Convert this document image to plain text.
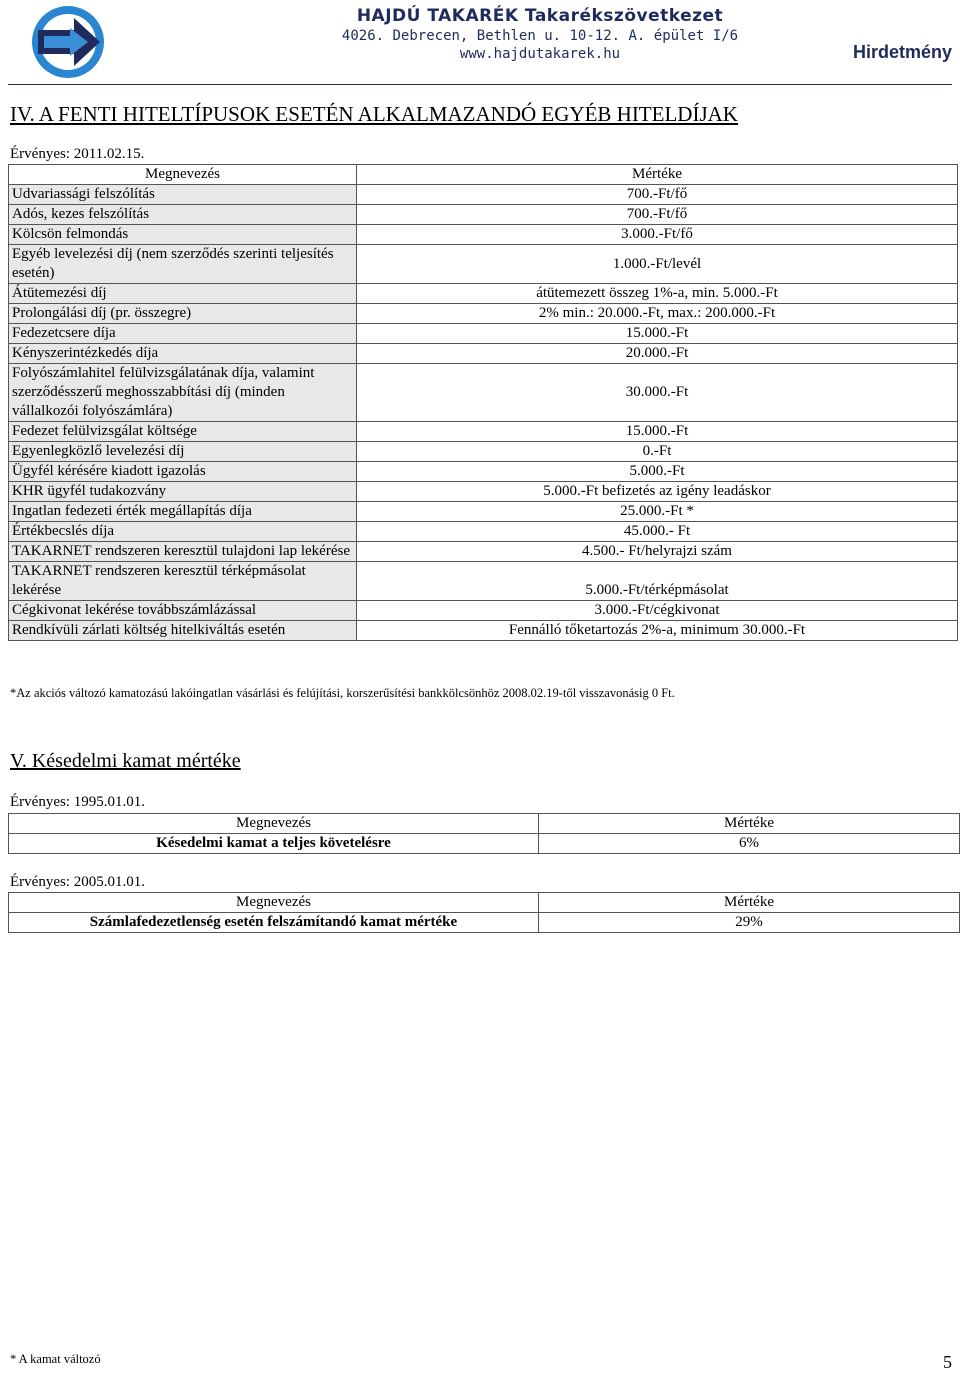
HAJDÚ TAKARÉK Takarékszövetkezet
4026. Debrecen, Bethlen u. 10-12. A. épület I/6
www.hajdutakarek.hu	Hirdetmény
IV. A FENTI HITELTÍPUSOK ESETÉN ALKALMAZANDÓ EGYÉB HITELDÍJAK
Érvényes: 2011.02.15.
Megnevezés	Mértéke
Udvariassági felszólítás	700.-Ft/fő
Adós, kezes felszólítás	700.-Ft/fő
Kölcsön felmondás	3.000.-Ft/fő
Egyéb levelezési díj (nem szerződés szerinti teljesítés esetén)	1.000.-Ft/levél
Átütemezési díj	átütemezett összeg 1%-a, min. 5.000.-Ft
Prolongálási díj (pr. összegre)	2% min.: 20.000.-Ft, max.: 200.000.-Ft
Fedezetcsere díja	15.000.-Ft
Kényszerintézkedés díja	20.000.-Ft
Folyószámlahitel felülvizsgálatának díja, valamint szerződésszerű meghosszabbítási díj (minden vállalkozói folyószámlára)	30.000.-Ft
Fedezet felülvizsgálat költsége	15.000.-Ft
Egyenlegközlő levelezési díj	0.-Ft
Ügyfél kérésére kiadott igazolás	5.000.-Ft
KHR ügyfél tudakozvány	5.000.-Ft befizetés az igény leadáskor
Ingatlan fedezeti érték megállapítás díja	25.000.-Ft *
Értékbecslés díja	45.000.- Ft
TAKARNET rendszeren keresztül tulajdoni lap lekérése	4.500.- Ft/helyrajzi szám
TAKARNET rendszeren keresztül térképmásolat lekérése	5.000.-Ft/térképmásolat
Cégkivonat lekérése továbbszámlázással	3.000.-Ft/cégkivonat
Rendkívüli zárlati költség hitelkiváltás esetén	Fennálló tőketartozás 2%-a, minimum 30.000.-Ft
*Az akciós változó kamatozású lakóingatlan vásárlási és felújítási, korszerűsítési bankkölcsönhöz 2008.02.19-től visszavonásig 0 Ft.
V. Késedelmi kamat mértéke
Érvényes: 1995.01.01.
Megnevezés	Mértéke
Késedelmi kamat a teljes követelésre	6%
Érvényes: 2005.01.01.
Megnevezés	Mértéke
Számlafedezetlenség esetén felszámítandó kamat mértéke	29%
* A kamat változó	5
